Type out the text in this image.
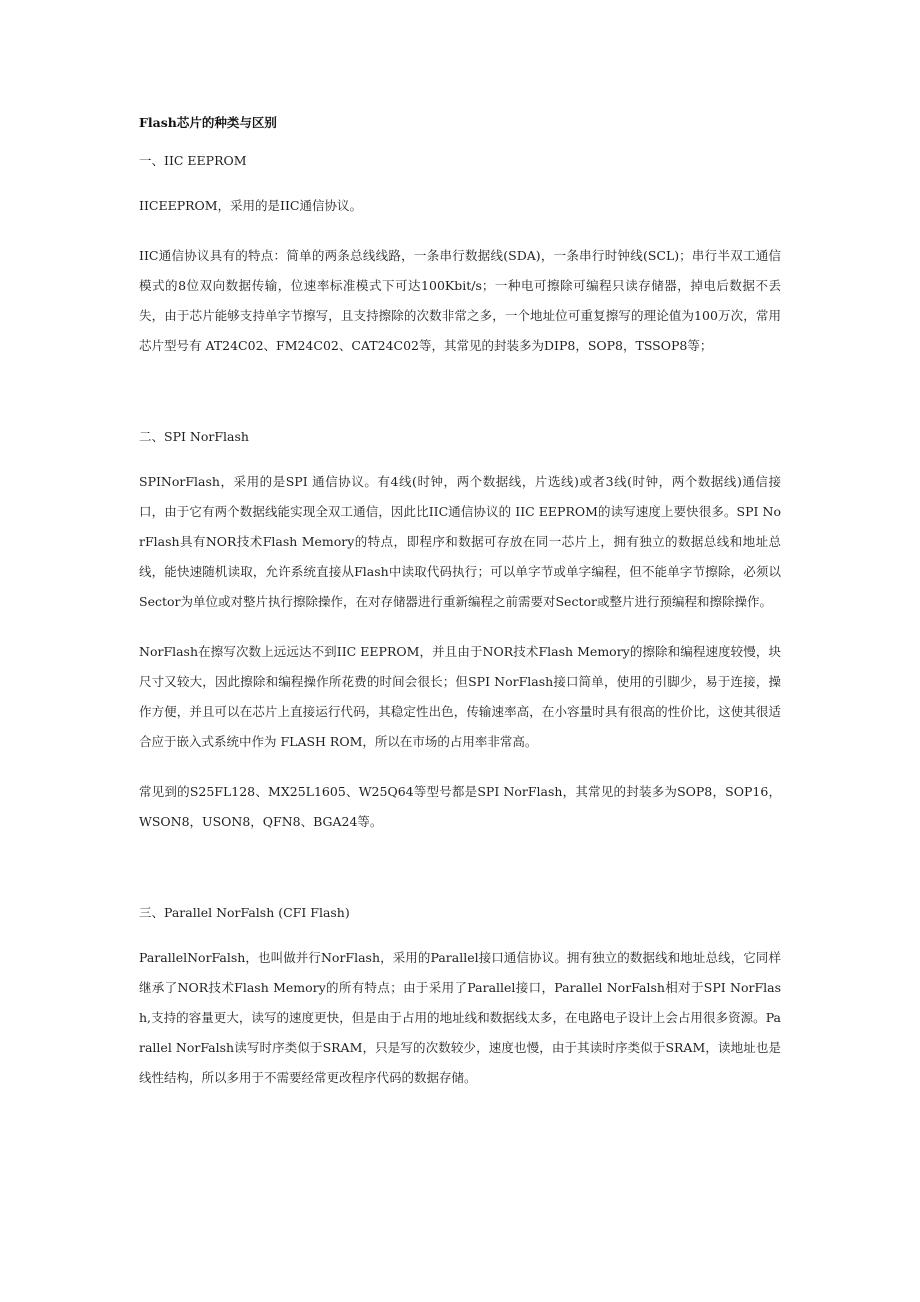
Flash芯片的种类与区别

一、IIC EEPROM

IICEEPROM，采用的是IIC通信协议。

IIC通信协议具有的特点：简单的两条总线线路，一条串行数据线(SDA)，一条串行时钟线(SCL)；串行半双工通信模式的8位双向数据传输，位速率标准模式下可达100Kbit/s；一种电可擦除可编程只读存储器，掉电后数据不丢失，由于芯片能够支持单字节擦写，且支持擦除的次数非常之多，一个地址位可重复擦写的理论值为100万次，常用芯片型号有 AT24C02、FM24C02、CAT24C02等，其常见的封装多为DIP8，SOP8，TSSOP8等；

二、SPI NorFlash

SPINorFlash，采用的是SPI 通信协议。有4线(时钟，两个数据线，片选线)或者3线(时钟，两个数据线)通信接口，由于它有两个数据线能实现全双工通信，因此比IIC通信协议的 IIC EEPROM的读写速度上要快很多。SPI NorFlash具有NOR技术Flash Memory的特点，即程序和数据可存放在同一芯片上，拥有独立的数据总线和地址总线，能快速随机读取，允许系统直接从Flash中读取代码执行；可以单字节或单字编程，但不能单字节擦除，必须以Sector为单位或对整片执行擦除操作，在对存储器进行重新编程之前需要对Sector或整片进行预编程和擦除操作。

NorFlash在擦写次数上远远达不到IIC EEPROM，并且由于NOR技术Flash Memory的擦除和编程速度较慢，块尺寸又较大，因此擦除和编程操作所花费的时间会很长；但SPI NorFlash接口简单，使用的引脚少，易于连接，操作方便，并且可以在芯片上直接运行代码，其稳定性出色，传输速率高，在小容量时具有很高的性价比，这使其很适合应于嵌入式系统中作为 FLASH ROM，所以在市场的占用率非常高。

常见到的S25FL128、MX25L1605、W25Q64等型号都是SPI NorFlash，其常见的封装多为SOP8，SOP16，WSON8，USON8，QFN8、BGA24等。

三、Parallel NorFalsh (CFI Flash)

ParallelNorFalsh，也叫做并行NorFlash，采用的Parallel接口通信协议。拥有独立的数据线和地址总线，它同样继承了NOR技术Flash Memory的所有特点；由于采用了Parallel接口，Parallel NorFalsh相对于SPI NorFlash,支持的容量更大，读写的速度更快，但是由于占用的地址线和数据线太多，在电路电子设计上会占用很多资源。Parallel NorFalsh读写时序类似于SRAM，只是写的次数较少，速度也慢，由于其读时序类似于SRAM，读地址也是线性结构，所以多用于不需要经常更改程序代码的数据存储。
